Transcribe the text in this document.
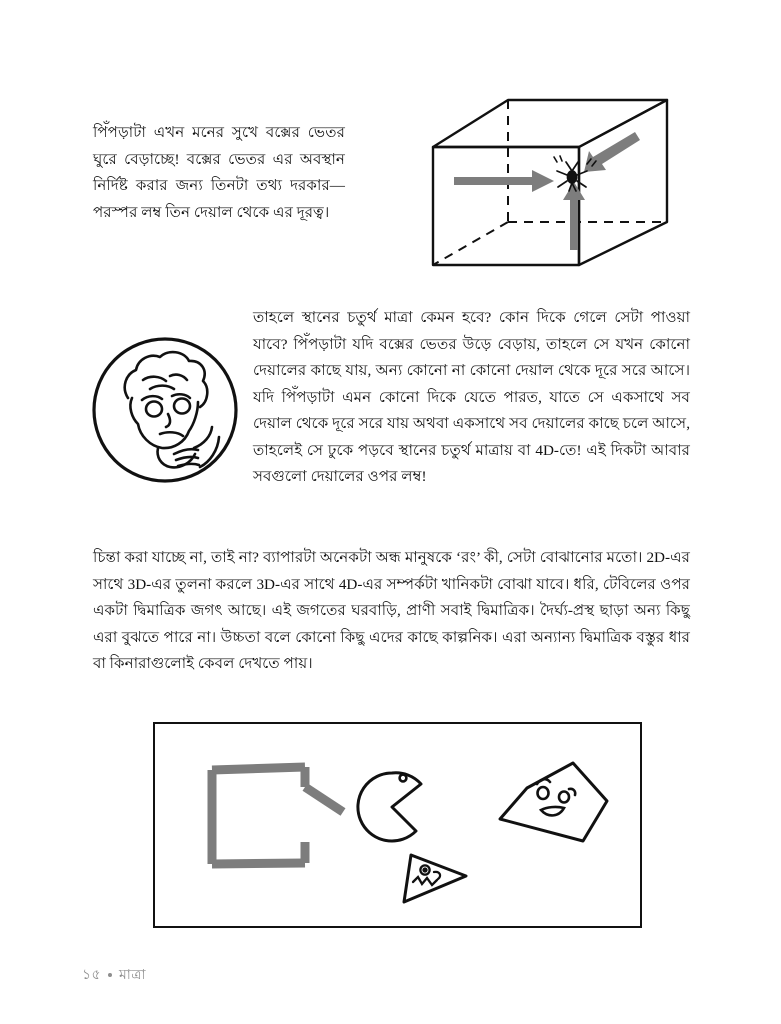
পিঁপড়াটা এখন মনের সুখে বক্সের ভেতর ঘুরে বেড়াচ্ছে! বক্সের ভেতর এর অবস্থান নির্দিষ্ট করার জন্য তিনটা তথ্য দরকার—পরস্পর লম্ব তিন দেয়াল থেকে এর দূরত্ব।
তাহলে স্থানের চতুর্থ মাত্রা কেমন হবে? কোন দিকে গেলে সেটা পাওয়া যাবে? পিঁপড়াটা যদি বক্সের ভেতর উড়ে বেড়ায়, তাহলে সে যখন কোনো দেয়ালের কাছে যায়, অন্য কোনো না কোনো দেয়াল থেকে দূরে সরে আসে। যদি পিঁপড়াটা এমন কোনো দিকে যেতে পারত, যাতে সে একসাথে সব দেয়াল থেকে দূরে সরে যায় অথবা একসাথে সব দেয়ালের কাছে চলে আসে, তাহলেই সে ঢুকে পড়বে স্থানের চতুর্থ মাত্রায় বা 4D-তে! এই দিকটা আবার সবগুলো দেয়ালের ওপর লম্ব!
চিন্তা করা যাচ্ছে না, তাই না? ব্যাপারটা অনেকটা অন্ধ মানুষকে ‘রং’ কী, সেটা বোঝানোর মতো। 2D-এর সাথে 3D-এর তুলনা করলে 3D-এর সাথে 4D-এর সম্পর্কটা খানিকটা বোঝা যাবে। ধরি, টেবিলের ওপর একটা দ্বিমাত্রিক জগৎ আছে। এই জগতের ঘরবাড়ি, প্রাণী সবাই দ্বিমাত্রিক। দৈর্ঘ্য-প্রস্থ ছাড়া অন্য কিছু এরা বুঝতে পারে না। উচ্চতা বলে কোনো কিছু এদের কাছে কাল্পনিক। এরা অন্যান্য দ্বিমাত্রিক বস্তুর ধার বা কিনারাগুলোই কেবল দেখতে পায়।
১৫ মাত্রা
